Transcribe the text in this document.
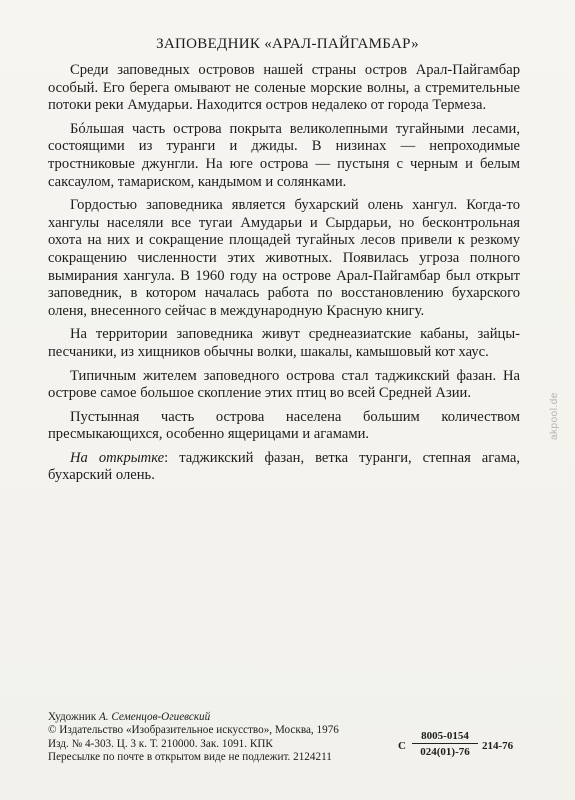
ЗАПОВЕДНИК «АРАЛ-ПАЙГАМБАР»

Среди заповедных островов нашей страны остров Арал-Пайгамбар особый. Его берега омывают не соленые морские волны, а стремительные потоки реки Амударьи. Находится остров недалеко от города Термеза.

Бóльшая часть острова покрыта великолепными тугайными лесами, состоящими из туранги и джиды. В низинах — непроходимые тростниковые джунгли. На юге острова — пустыня с черным и белым саксаулом, тамариском, кандымом и солянками.

Гордостью заповедника является бухарский олень хангул. Когда-то хангулы населяли все тугаи Амударьи и Сырдарьи, но бесконтрольная охота на них и сокращение площадей тугайных лесов привели к резкому сокращению численности этих животных. Появилась угроза полного вымирания хангула. В 1960 году на острове Арал-Пайгамбар был открыт заповедник, в котором началась работа по восстановлению бухарского оленя, внесенного сейчас в международную Красную книгу.

На территории заповедника живут среднеазиатские кабаны, зайцы-песчаники, из хищников обычны волки, шакалы, камышовый кот хаус.

Типичным жителем заповедного острова стал таджикский фазан. На острове самое большое скопление этих птиц во всей Средней Азии.

Пустынная часть острова населена большим количеством пресмыкающихся, особенно ящерицами и агамами.

На открытке: таджикский фазан, ветка туранги, степная агама, бухарский олень.

akpool.de
Художник А. Семенцов-Огиевский
© Издательство «Изобразительное искусство», Москва, 1976
Изд. № 4-303. Ц. 3 к. Т. 210000. Зак. 1091. КПК
Пересылке по почте в открытом виде не подлежит. 2124211
С $\frac{8005-0154}{024(01)-76} 214-76$
